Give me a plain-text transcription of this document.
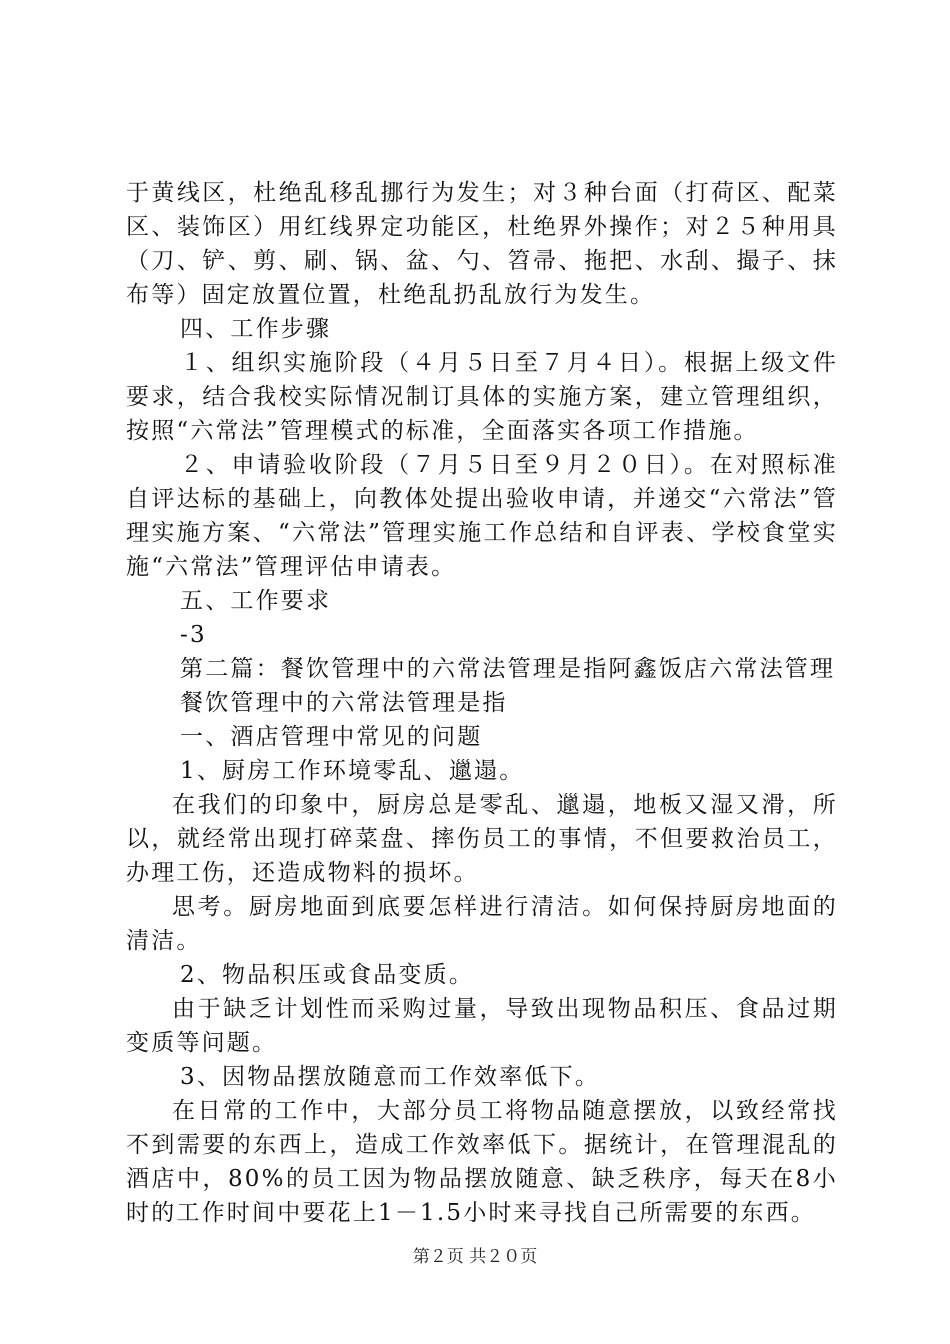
于黄线区，杜绝乱移乱挪行为发生；对３种台面（打荷区、配菜区、装饰区）用红线界定功能区，杜绝界外操作；对２５种用具（刀、铲、剪、刷、锅、盆、勺、笤帚、拖把、水刮、撮子、抹布等）固定放置位置，杜绝乱扔乱放行为发生。

四、工作步骤

１、组织实施阶段（４月５日至７月４日）。根据上级文件要求，结合我校实际情况制订具体的实施方案，建立管理组织，按照“六常法”管理模式的标准，全面落实各项工作措施。

２、申请验收阶段（７月５日至９月２０日）。在对照标准自评达标的基础上，向教体处提出验收申请，并递交“六常法”管理实施方案、“六常法”管理实施工作总结和自评表、学校食堂实施“六常法”管理评估申请表。

五、工作要求

-3

第二篇：餐饮管理中的六常法管理是指阿鑫饭店六常法管理

餐饮管理中的六常法管理是指

一、酒店管理中常见的问题

1、厨房工作环境零乱、邋遢。

在我们的印象中，厨房总是零乱、邋遢，地板又湿又滑，所以，就经常出现打碎菜盘、摔伤员工的事情，不但要救治员工，办理工伤，还造成物料的损坏。

思考。厨房地面到底要怎样进行清洁。如何保持厨房地面的清洁。

2、物品积压或食品变质。

由于缺乏计划性而采购过量，导致出现物品积压、食品过期变质等问题。

3、因物品摆放随意而工作效率低下。

在日常的工作中，大部分员工将物品随意摆放，以致经常找不到需要的东西上，造成工作效率低下。据统计，在管理混乱的酒店中，80%的员工因为物品摆放随意、缺乏秩序，每天在8小时的工作时间中要花上1－1.5小时来寻找自己所需要的东西。

第２页 共２０页
